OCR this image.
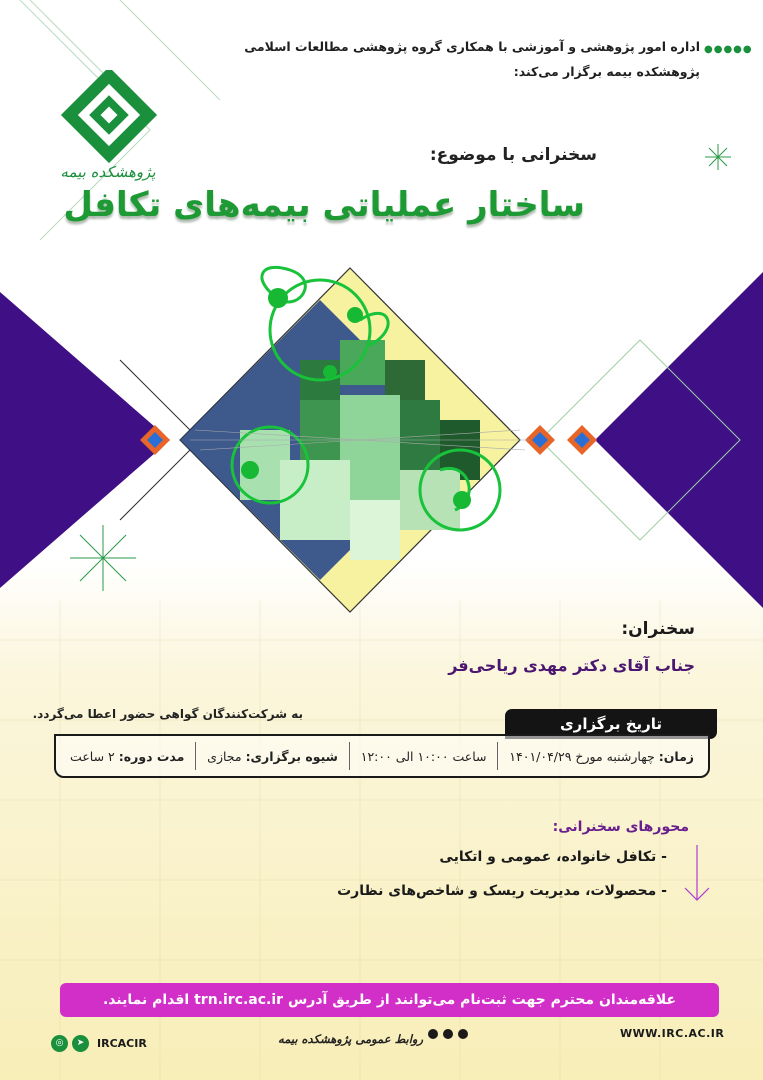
●●●●●
اداره امور پژوهشی و آموزشی با همکاری گروه پژوهشی مطالعات اسلامی
پژوهشکده بیمه برگزار می‌کند:
پژوهشکده بیمه
سخنرانی با موضوع:
ساختار عملیاتی بیمه‌های تکافل
سخنران:
جناب آقای دکتر مهدی ریاحی‌فر
به شرکت‌کنندگان گواهی حضور اعطا می‌گردد.
تاریخ برگزاری
زمان:
چهارشنبه مورخ ۱۴۰۱/۰۴/۲۹
ساعت ۱۰:۰۰ الی ۱۲:۰۰
شیوه برگزاری:
مجازی
مدت دوره:
۲ ساعت
محورهای سخنرانی:
- تکافل خانواده، عمومی و اتکایی
- محصولات، مدیریت ریسک و شاخص‌های نظارت
علاقه‌مندان محترم جهت ثبت‌نام می‌توانند از طریق آدرس trn.irc.ac.ir اقدام نمایند.
WWW.IRC.AC.IR
روابط عمومی پژوهشکده بیمه
◎	➤	IRCACIR
